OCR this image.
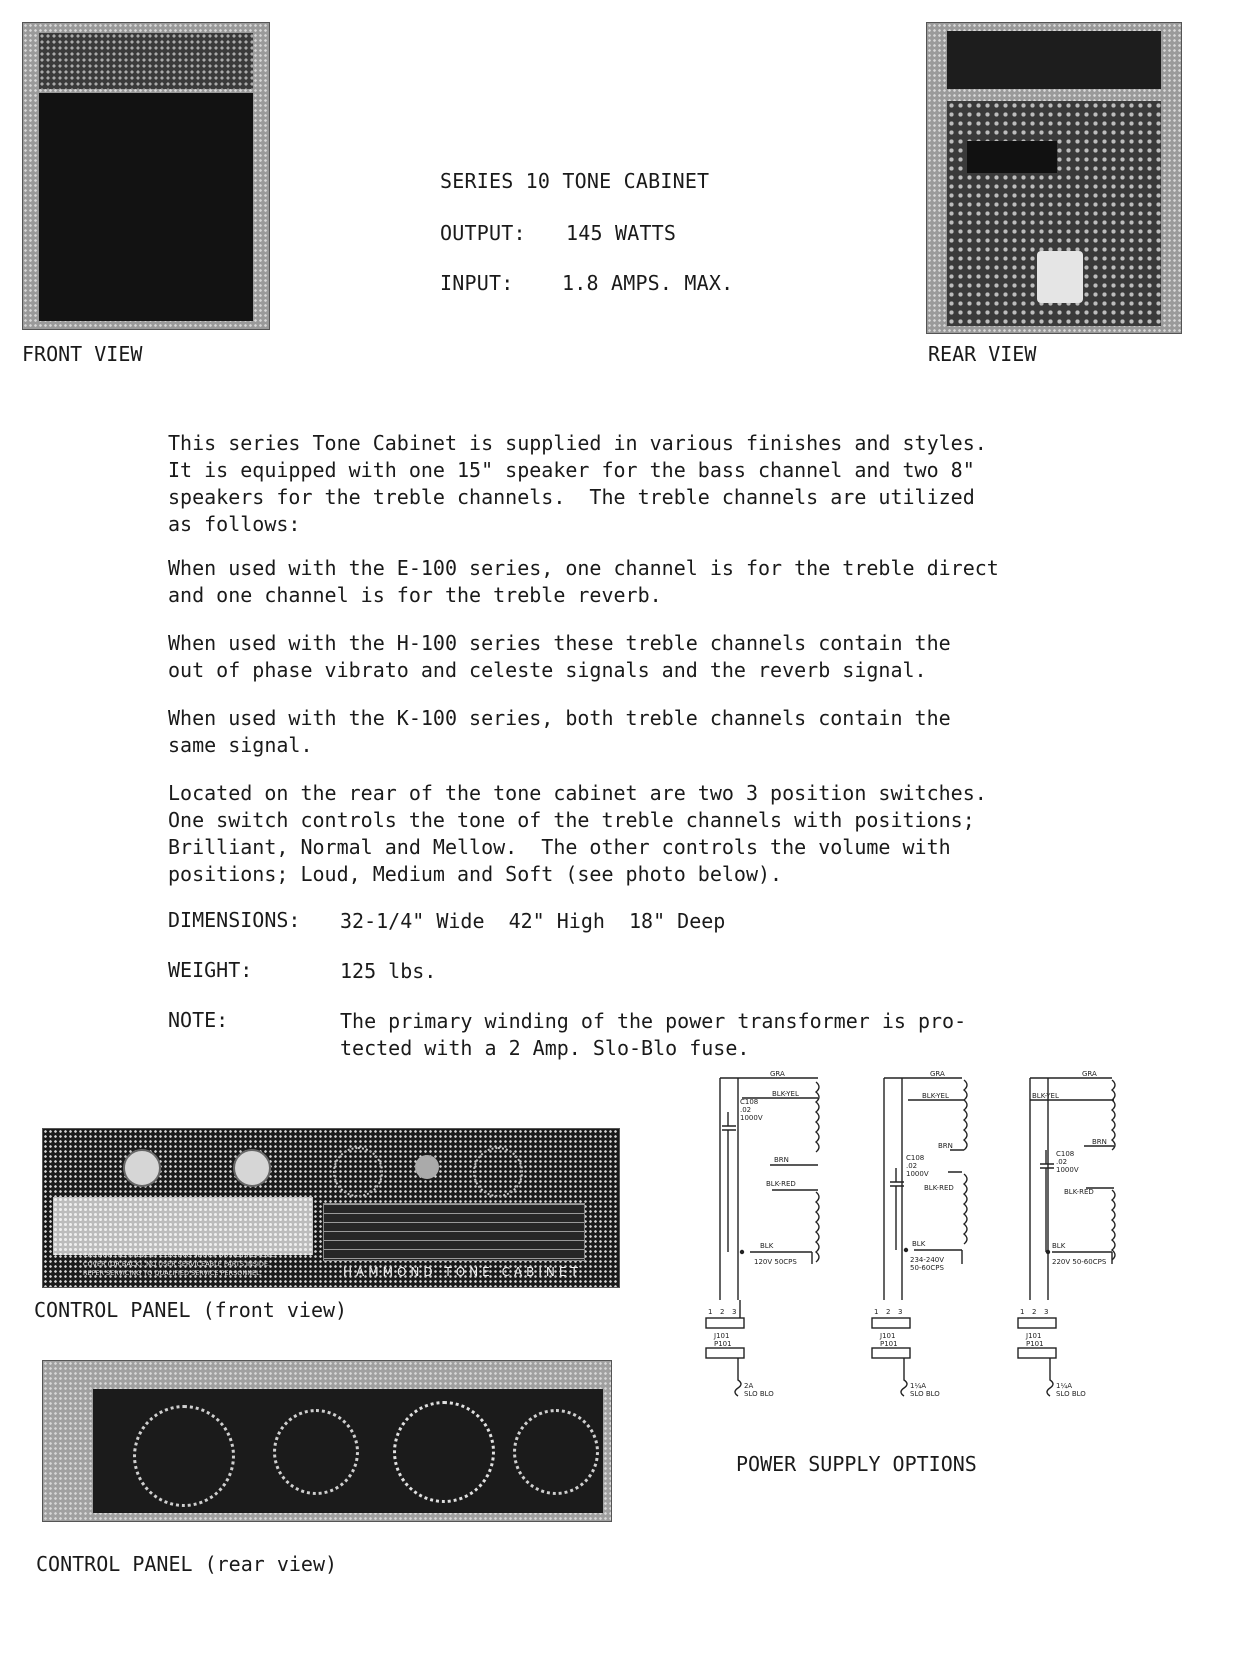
FRONT VIEW	REAR VIEW
SERIES 10 TONE CABINET
OUTPUT: 145 WATTS
INPUT: 1.8 AMPS. MAX.
This series Tone Cabinet is supplied in various finishes and styles.
It is equipped with one 15" speaker for the bass channel and two 8"
speakers for the treble channels.  The treble channels are utilized
as follows:
When used with the E-100 series, one channel is for the treble direct
and one channel is for the treble reverb.
When used with the H-100 series these treble channels contain the
out of phase vibrato and celeste signals and the reverb signal.
When used with the K-100 series, both treble channels contain the
same signal.
Located on the rear of the tone cabinet are two 3 position switches.
One switch controls the tone of the treble channels with positions;
Brilliant, Normal and Mellow.  The other controls the volume with
positions; Loud, Medium and Soft (see photo below).
DIMENSIONS: 32-1/4" Wide  42" High  18" Deep
WEIGHT:	125 lbs.
NOTE:	The primary winding of the power transformer is pro-
tected with a 2 Amp. Slo-Blo fuse.
CAUTION: TO PREVENT ELECTRIC SHOCK DO NOT REMOVE
COVER (OR BACK). NO USER SERVICEABLE PARTS INSIDE.
REFER SERVICING TO QUALIFIED SERVICE PERSONNEL.	HAMMOND TONE CABINET
CONTROL PANEL (front view)
CONTROL PANEL (rear view)
GRA
BLK-YEL
C108
.02
1000V
BRN
BLK-RED
BLK
120V 50CPS
1 2 3
J101
P101
2A
SLO BLO
GRA
BLK-YEL
BRN
C108
.02
1000V
BLK-RED
BLK
234-240V
50-60CPS
1 2 3
J101
P101
1¼A
SLO BLO
GRA
BLK-YEL
BRN
C108
.02
1000V
BLK-RED
BLK
220V 50-60CPS
1 2 3
J101
P101
1¼A
SLO BLO
POWER SUPPLY OPTIONS
